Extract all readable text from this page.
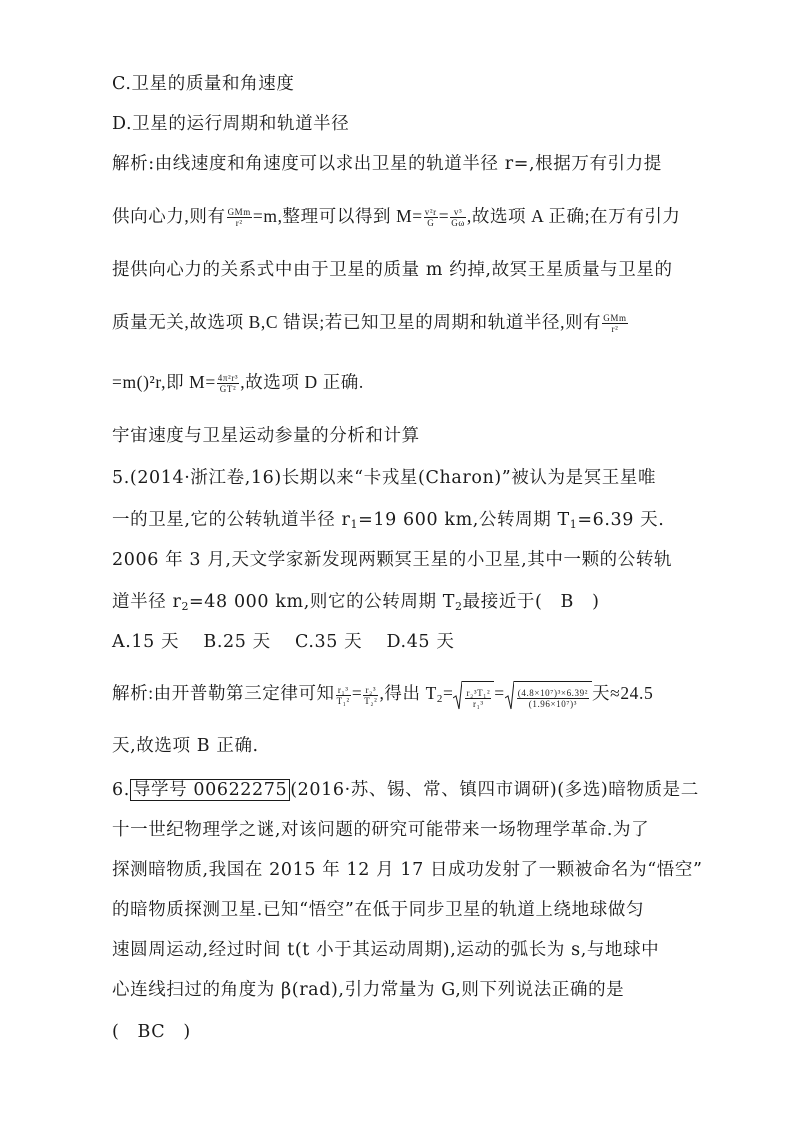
C.卫星的质量和角速度
D.卫星的运行周期和轨道半径
解析:由线速度和角速度可以求出卫星的轨道半径 r=,根据万有引力提
供向心力,则有 $\frac{\text{GMm}}{\text{r²}} =m$,整理可以得到 $M= \frac{\text{v²r}}{G} = \frac{\text{v³}}{G\omega}$ ,故选项 A 正确;在万有引力
提供向心力的关系式中由于卫星的质量 m 约掉,故冥王星质量与卫星的
质量无关,故选项 B,C 错误;若已知卫星的周期和轨道半径,则有 $\frac{\text{GMm}}{\text{r²}}$
=m()²r,即 $M= \frac{\text{4π²r³}}{\text{GT²}}$ ,故选项 D 正确.
宇宙速度与卫星运动参量的分析和计算
5.(2014·浙江卷,16)长期以来“卡戎星(Charon)”被认为是冥王星唯
一的卫星,它的公转轨道半径 $r_1=19$ 600 km,公转周期 $T_1=6.39$ 天.
2006 年 3 月,天文学家新发现两颗冥王星的小卫星,其中一颗的公转轨
道半径 $r_2=48$ 000 km,则它的公转周期 $T_2$最接近于(　B　)
A.15 天　 B.25 天　 C.35 天　 D.45 天
解析:由开普勒第三定律可知 $\frac{\text{r₁³}}{\text{T₁²}} = \frac{\text{r₂³}}{\text{T₂²}}$ ,得出 $T_2= \frac{\text{r₂³T₁²}}{\text{r₁³}} = \frac{\text{(4.8×10⁷)³×6.39²}}{\text{(1.96×10⁷)³}}$ 天≈24.5
天,故选项 B 正确.
6. 导学号 00622275 (2016·苏、锡、常、镇四市调研)(多选)暗物质是二
十一世纪物理学之谜,对该问题的研究可能带来一场物理学革命.为了
探测暗物质,我国在 2015 年 12 月 17 日成功发射了一颗被命名为“悟空”
的暗物质探测卫星.已知“悟空”在低于同步卫星的轨道上绕地球做匀
速圆周运动,经过时间 t(t 小于其运动周期),运动的弧长为 s,与地球中
心连线扫过的角度为 β(rad),引力常量为 G,则下列说法正确的是
(　BC　)
